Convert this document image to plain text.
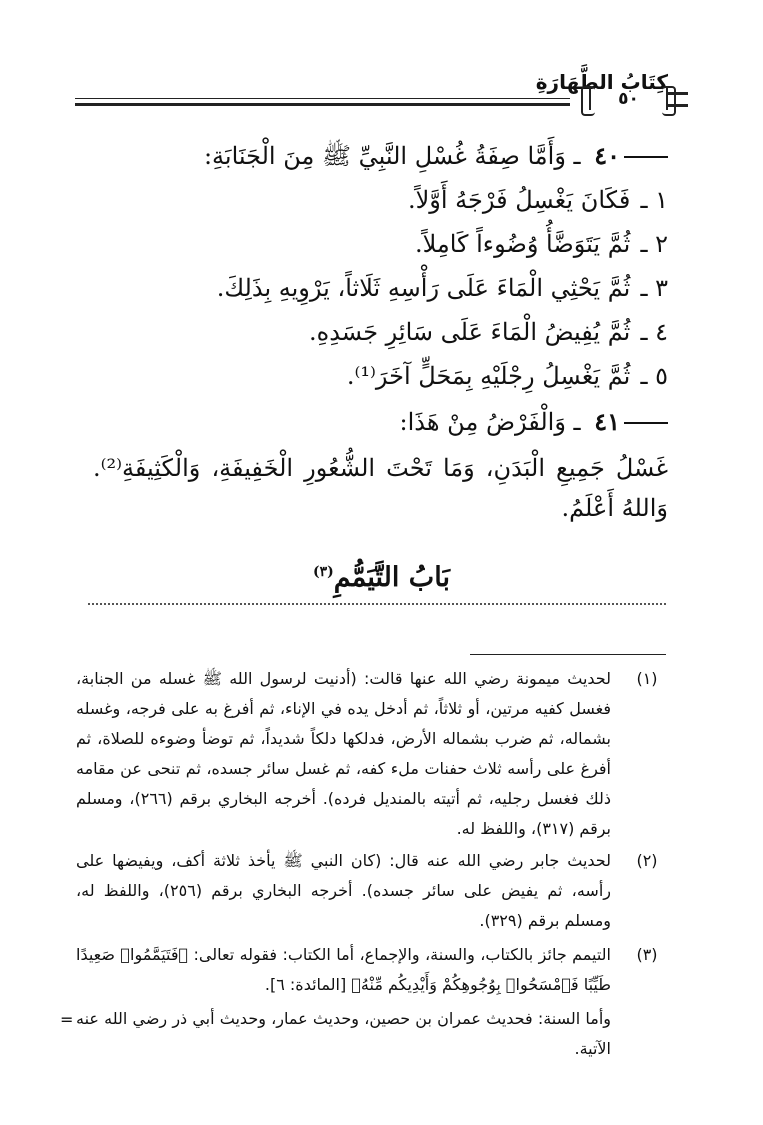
كِتَابُ الطَّهَارَةِ
٥٠
٤٠ ـ وَأَمَّا صِفَةُ غُسْلِ النَّبِيِّ ﷺ مِنَ الْجَنَابَةِ:
١ ـ فَكَانَ يَغْسِلُ فَرْجَهُ أَوَّلاً.
٢ ـ ثُمَّ يَتَوَضَّأُ وُضُوءاً كَامِلاً.
٣ ـ ثُمَّ يَحْثِي الْمَاءَ عَلَى رَأْسِهِ ثَلَاثاً، يَرْوِيهِ بِذَلِكَ.
٤ ـ ثُمَّ يُفِيضُ الْمَاءَ عَلَى سَائِرِ جَسَدِهِ.
٥ ـ ثُمَّ يَغْسِلُ رِجْلَيْهِ بِمَحَلٍّ آخَرَ⁽¹⁾.
٤١ ـ وَالْفَرْضُ مِنْ هَذَا:
غَسْلُ جَمِيعِ الْبَدَنِ، وَمَا تَحْتَ الشُّعُورِ الْخَفِيفَةِ، وَالْكَثِيفَةِ⁽²⁾. وَاللهُ أَعْلَمُ.
بَابُ التَّيَمُّمِ$^{(٣)}$
(١)
لحديث ميمونة رضي الله عنها قالت: (أدنيت لرسول الله ﷺ غسله من الجنابة، فغسل كفيه مرتين، أو ثلاثاً، ثم أدخل يده في الإناء، ثم أفرغ به على فرجه، وغسله بشماله، ثم ضرب بشماله الأرض، فدلكها دلكاً شديداً، ثم توضأ وضوءه للصلاة، ثم أفرغ على رأسه ثلاث حفنات ملء كفه، ثم غسل سائر جسده، ثم تنحى عن مقامه ذلك فغسل رجليه، ثم أتيته بالمنديل فرده). أخرجه البخاري برقم (٢٦٦)، ومسلم برقم (٣١٧)، واللفظ له.
(٢)
لحديث جابر رضي الله عنه قال: (كان النبي ﷺ يأخذ ثلاثة أكف، ويفيضها على رأسه، ثم يفيض على سائر جسده). أخرجه البخاري برقم (٢٥٦)، واللفظ له، ومسلم برقم (٣٢٩).
(٣)
التيمم جائز بالكتاب، والسنة، والإجماع، أما الكتاب: فقوله تعالى: ﴿فَتَيَمَّمُوا۟ صَعِيدًا طَيِّبًا فَٱمْسَحُوا۟ بِوُجُوهِكُمْ وَأَيْدِيكُم مِّنْهُ﴾ [المائدة: ٦].
وأما السنة: فحديث عمران بن حصين، وحديث عمار، وحديث أبي ذر رضي الله عنه الآتية.
=
